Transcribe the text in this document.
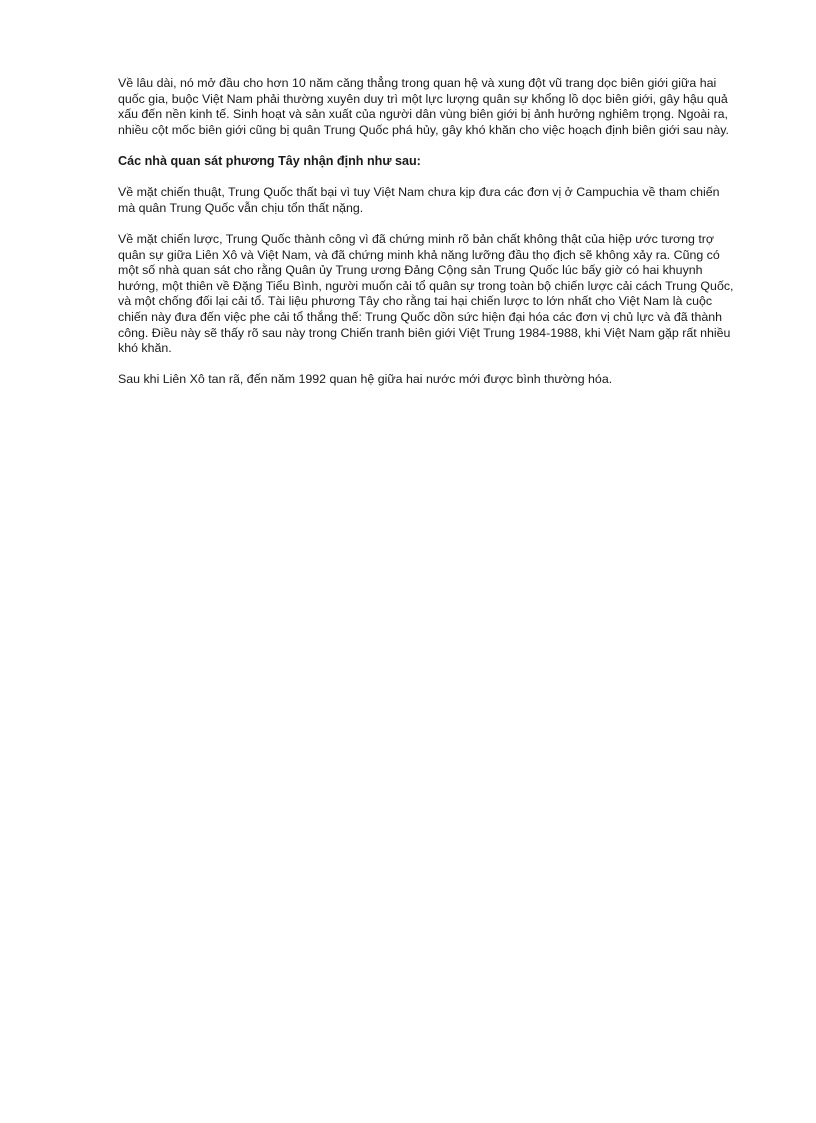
Về lâu dài, nó mở đầu cho hơn 10 năm căng thẳng trong quan hệ và xung đột vũ trang dọc biên giới giữa hai quốc gia, buộc Việt Nam phải thường xuyên duy trì một lực lượng quân sự khổng lồ dọc biên giới, gây hậu quả xấu đến nền kinh tế. Sinh hoạt và sản xuất của người dân vùng biên giới bị ảnh hưởng nghiêm trọng. Ngoài ra, nhiều cột mốc biên giới cũng bị quân Trung Quốc phá hủy, gây khó khăn cho việc hoạch định biên giới sau này.

Các nhà quan sát phương Tây nhận định như sau:

Về mặt chiến thuật, Trung Quốc thất bại vì tuy Việt Nam chưa kịp đưa các đơn vị ở Campuchia về tham chiến mà quân Trung Quốc vẫn chịu tổn thất nặng.

Về mặt chiến lược, Trung Quốc thành công vì đã chứng minh rõ bản chất không thật của hiệp ước tương trợ quân sự giữa Liên Xô và Việt Nam, và đã chứng minh khả năng lưỡng đầu thọ địch sẽ không xảy ra. Cũng có một số nhà quan sát cho rằng Quân ủy Trung ương Đảng Cộng sản Trung Quốc lúc bấy giờ có hai khuynh hướng, một thiên về Đặng Tiểu Bình, người muốn cải tổ quân sự trong toàn bộ chiến lược cải cách Trung Quốc, và một chống đối lại cải tổ. Tài liệu phương Tây cho rằng tai hại chiến lược to lớn nhất cho Việt Nam là cuộc chiến này đưa đến việc phe cải tổ thắng thế: Trung Quốc dồn sức hiện đại hóa các đơn vị chủ lực và đã thành công. Điều này sẽ thấy rõ sau này trong Chiến tranh biên giới Việt Trung 1984-1988, khi Việt Nam gặp rất nhiều khó khăn.

Sau khi Liên Xô tan rã, đến năm 1992 quan hệ giữa hai nước mới được bình thường hóa.
